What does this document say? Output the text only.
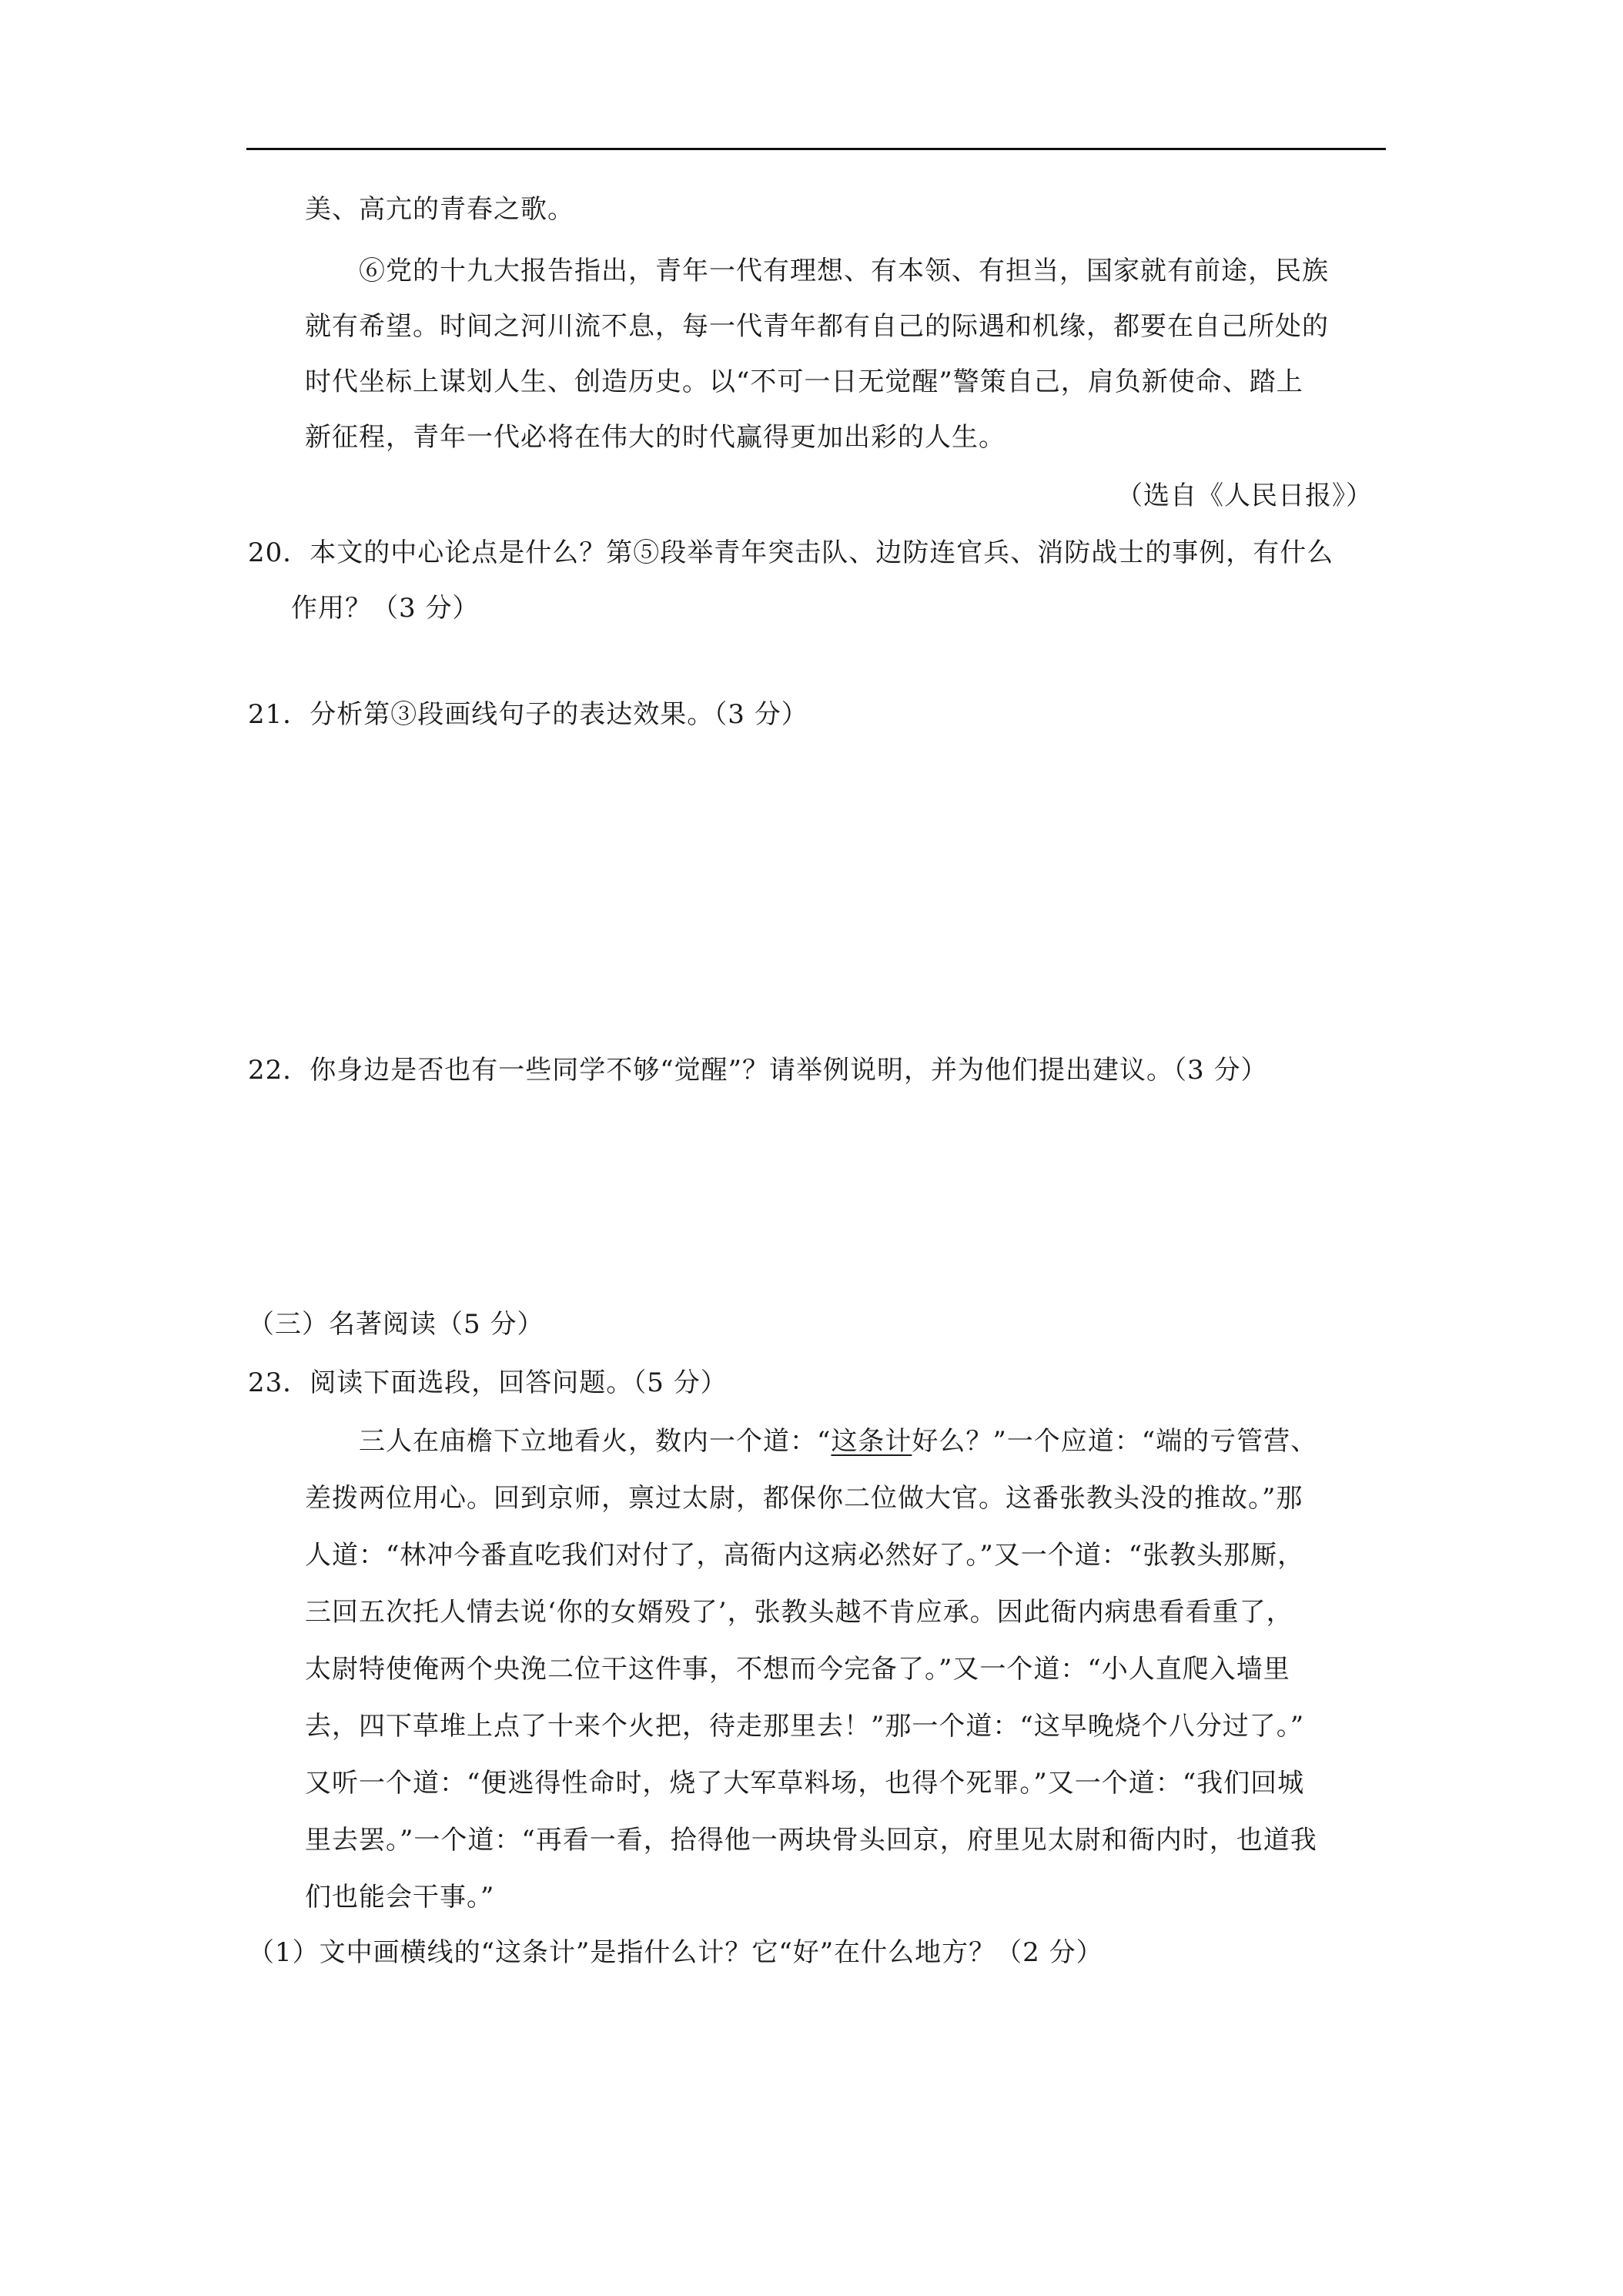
美、高亢的青春之歌。
⑥党的十九大报告指出，青年一代有理想、有本领、有担当，国家就有前途，民族
就有希望。时间之河川流不息，每一代青年都有自己的际遇和机缘，都要在自己所处的
时代坐标上谋划人生、创造历史。以“不可一日无觉醒”警策自己，肩负新使命、踏上
新征程，青年一代必将在伟大的时代赢得更加出彩的人生。
（选自《人民日报》）
20．本文的中心论点是什么？第⑤段举青年突击队、边防连官兵、消防战士的事例，有什么
作用？（3 分）
21．分析第③段画线句子的表达效果。（3 分）
22．你身边是否也有一些同学不够“觉醒”？请举例说明，并为他们提出建议。（3 分）
（三）名著阅读（5 分）
23．阅读下面选段，回答问题。（5 分）
三人在庙檐下立地看火，数内一个道：“这条计好么？”一个应道：“端的亏管营、
差拨两位用心。回到京师，禀过太尉，都保你二位做大官。这番张教头没的推故。”那
人道：“林冲今番直吃我们对付了，高衙内这病必然好了。”又一个道：“张教头那厮，
三回五次托人情去说‘你的女婿殁了’，张教头越不肯应承。因此衙内病患看看重了，
太尉特使俺两个央浼二位干这件事，不想而今完备了。”又一个道：“小人直爬入墙里
去，四下草堆上点了十来个火把，待走那里去！”那一个道：“这早晚烧个八分过了。”
又听一个道：“便逃得性命时，烧了大军草料场，也得个死罪。”又一个道：“我们回城
里去罢。”一个道：“再看一看，拾得他一两块骨头回京，府里见太尉和衙内时，也道我
们也能会干事。”
（1）文中画横线的“这条计”是指什么计？它“好”在什么地方？（2 分）
